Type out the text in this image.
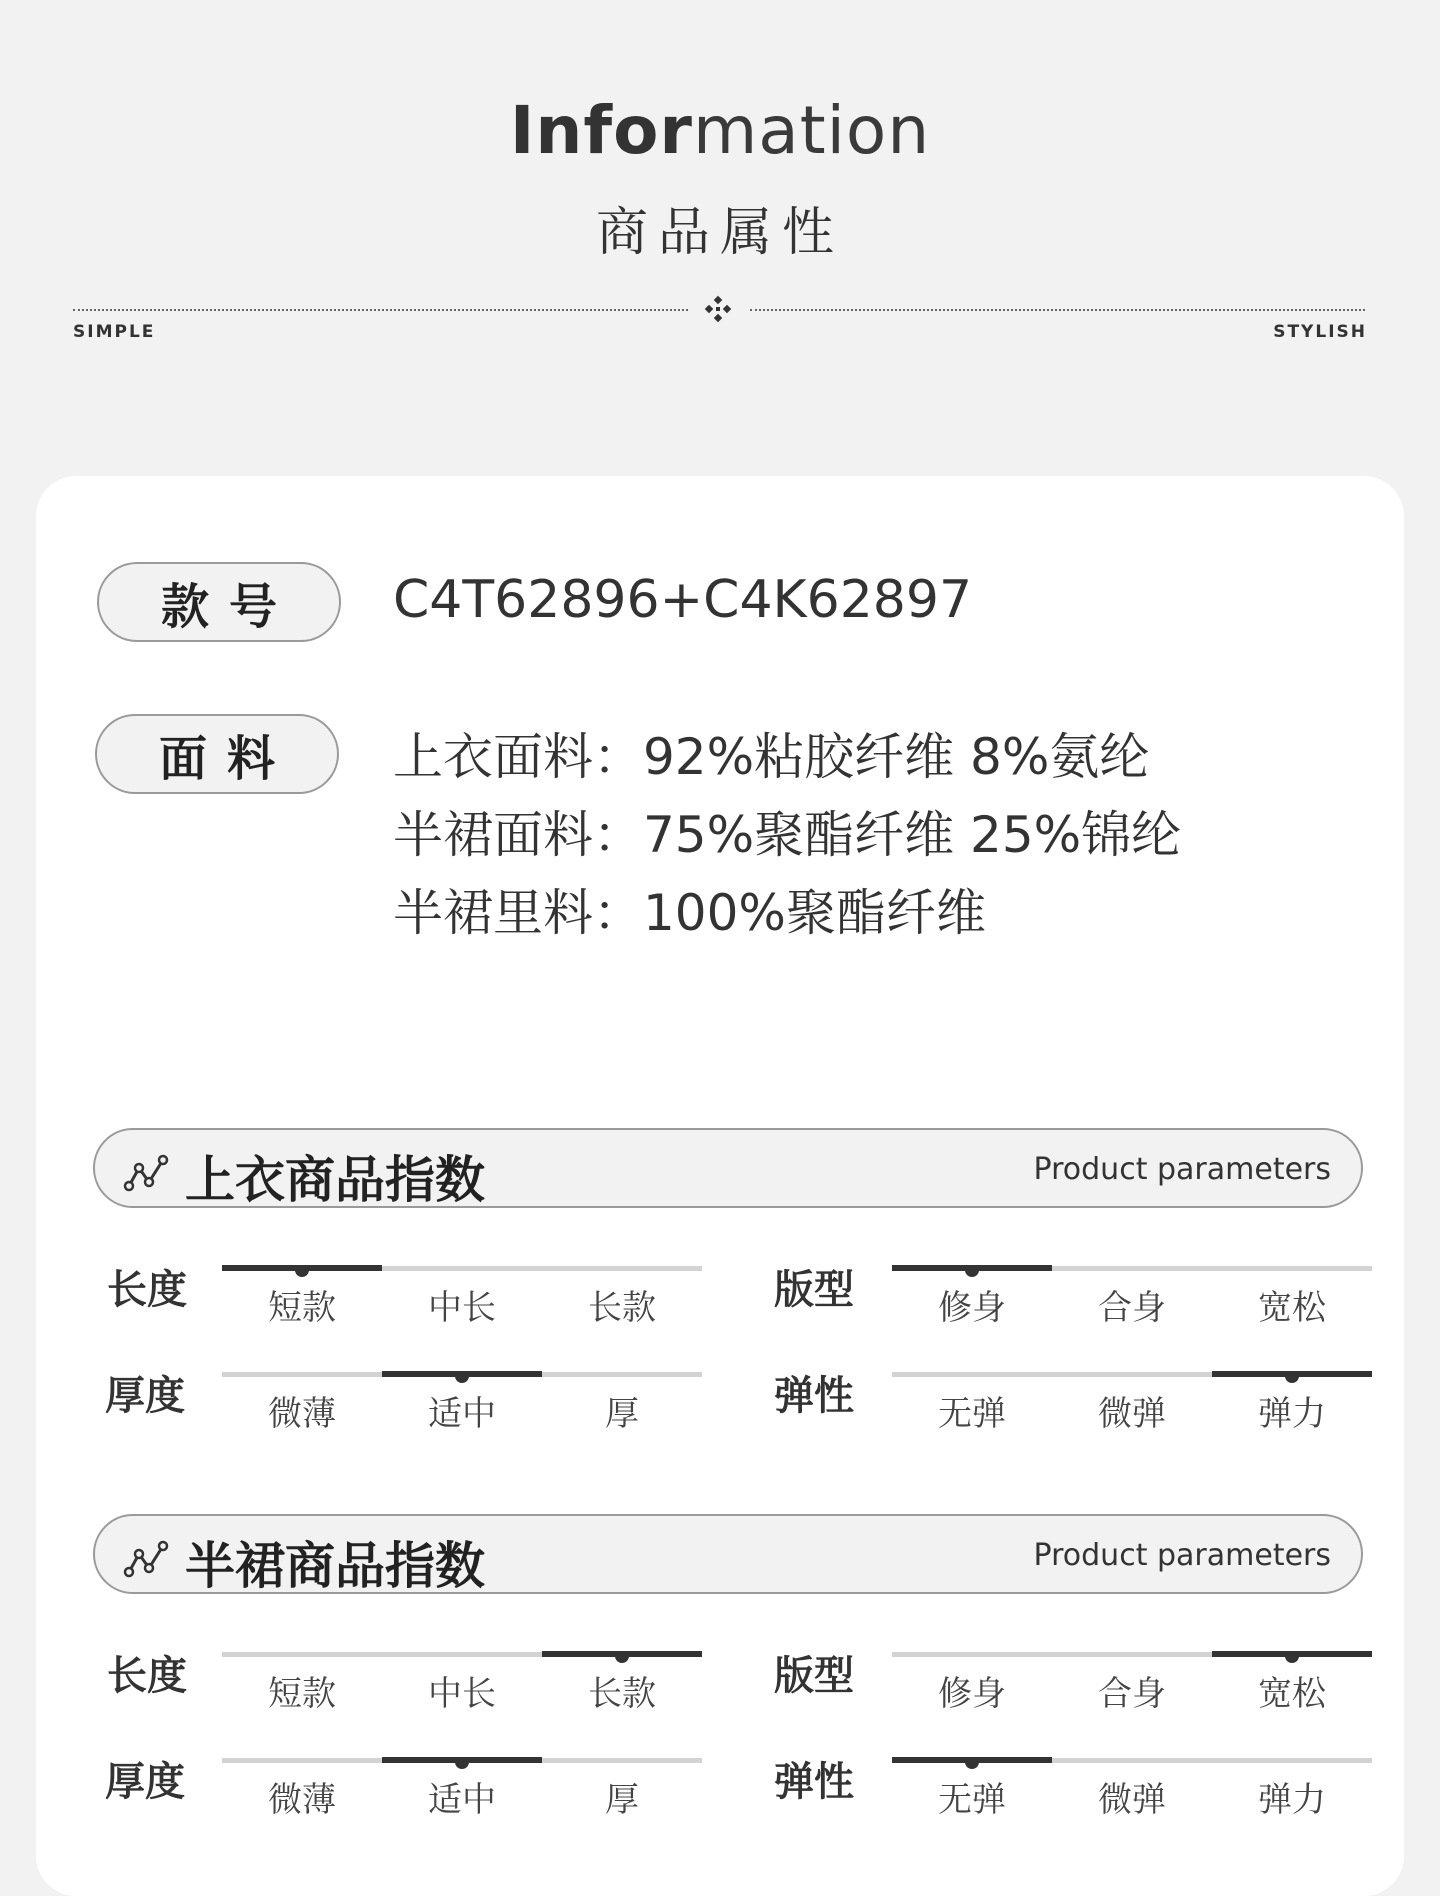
Information
商品属性
SIMPLE	STYLISH
款号	C4T62896+C4K62897
面料	上衣面料：92%粘胶纤维 8%氨纶
半裙面料：75%聚酯纤维 25%锦纶
半裙里料：100%聚酯纤维
上衣商品指数	Product parameters
长度	短款	中长	长款	版型	修身	合身	宽松
厚度	微薄	适中	厚	弹性	无弹	微弹	弹力
半裙商品指数	Product parameters
长度	短款	中长	长款	版型	修身	合身	宽松
厚度	微薄	适中	厚	弹性	无弹	微弹	弹力
